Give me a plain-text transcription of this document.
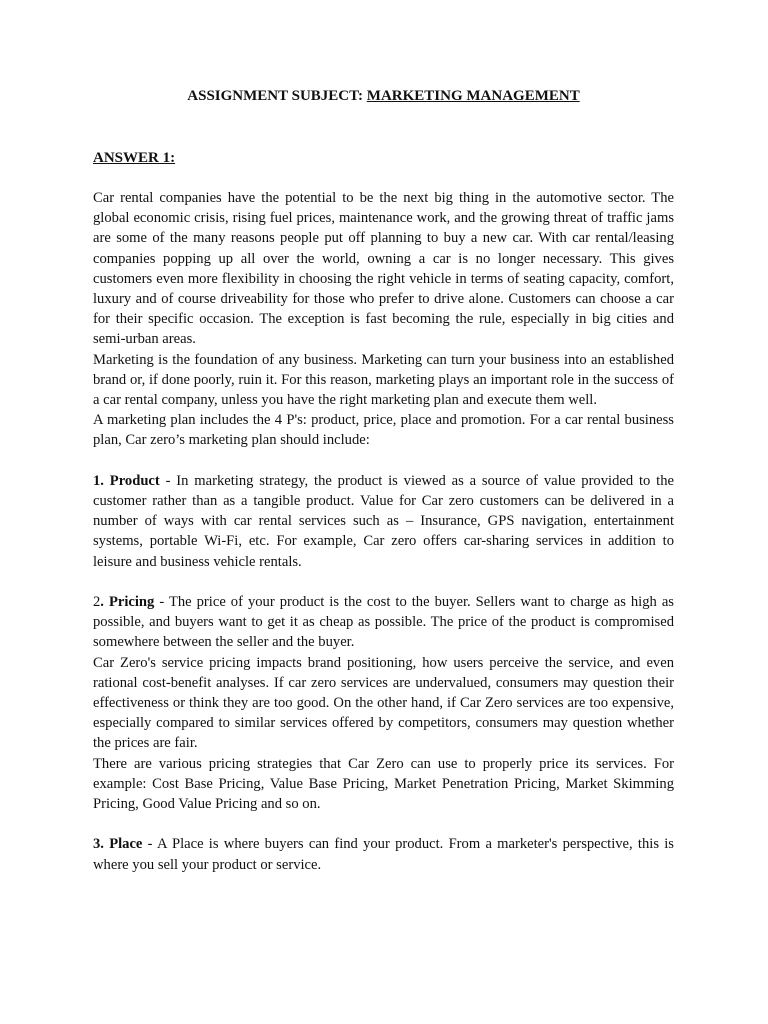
ASSIGNMENT SUBJECT: MARKETING MANAGEMENT
ANSWER 1:

Car rental companies have the potential to be the next big thing in the automotive sector. The global economic crisis, rising fuel prices, maintenance work, and the growing threat of traffic jams are some of the many reasons people put off planning to buy a new car. With car rental/leasing companies popping up all over the world, owning a car is no longer necessary. This gives customers even more flexibility in choosing the right vehicle in terms of seating capacity, comfort, luxury and of course driveability for those who prefer to drive alone. Customers can choose a car for their specific occasion. The exception is fast becoming the rule, especially in big cities and semi-urban areas.

Marketing is the foundation of any business. Marketing can turn your business into an established brand or, if done poorly, ruin it. For this reason, marketing plays an important role in the success of a car rental company, unless you have the right marketing plan and execute them well.

A marketing plan includes the 4 P's: product, price, place and promotion. For a car rental business plan, Car zero’s marketing plan should include:

1. Product - In marketing strategy, the product is viewed as a source of value provided to the customer rather than as a tangible product. Value for Car zero customers can be delivered in a number of ways with car rental services such as – Insurance, GPS navigation, entertainment systems, portable Wi-Fi, etc. For example, Car zero offers car-sharing services in addition to leisure and business vehicle rentals.

2. Pricing - The price of your product is the cost to the buyer. Sellers want to charge as high as possible, and buyers want to get it as cheap as possible. The price of the product is compromised somewhere between the seller and the buyer.

Car Zero's service pricing impacts brand positioning, how users perceive the service, and even rational cost-benefit analyses. If car zero services are undervalued, consumers may question their effectiveness or think they are too good. On the other hand, if Car Zero services are too expensive, especially compared to similar services offered by competitors, consumers may question whether the prices are fair.

There are various pricing strategies that Car Zero can use to properly price its services. For example: Cost Base Pricing, Value Base Pricing, Market Penetration Pricing, Market Skimming Pricing, Good Value Pricing and so on.

3. Place - A Place is where buyers can find your product. From a marketer's perspective, this is where you sell your product or service.
